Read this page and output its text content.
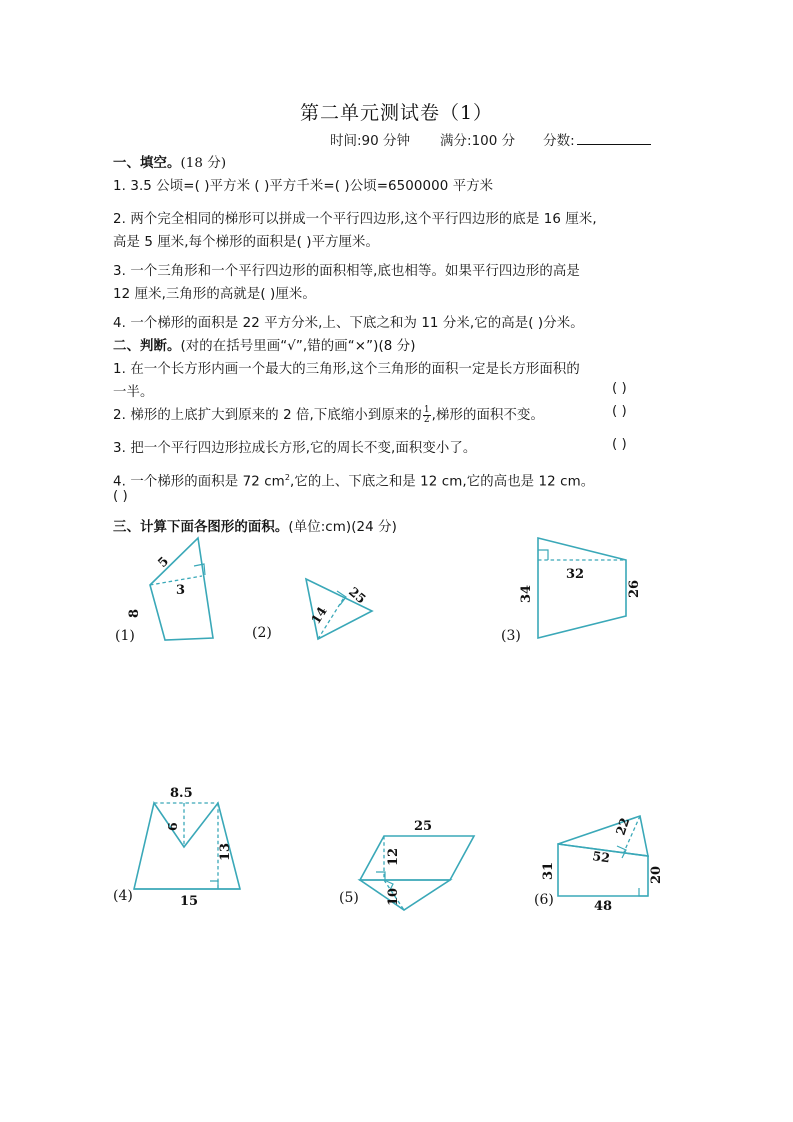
第二单元测试卷（1）
时间:90 分钟 满分:100 分 分数:
一、填空。(18 分)
1. 3.5 公顷=( )平方米 ( )平方千米=( )公顷=6500000 平方米
2. 两个完全相同的梯形可以拼成一个平行四边形,这个平行四边形的底是 16 厘米,
高是 5 厘米,每个梯形的面积是( )平方厘米。
3. 一个三角形和一个平行四边形的面积相等,底也相等。如果平行四边形的高是
12 厘米,三角形的高就是( )厘米。
4. 一个梯形的面积是 22 平方分米,上、下底之和为 11 分米,它的高是( )分米。
二、判断。(对的在括号里画“√”,错的画“×”)(8 分)
1. 在一个长方形内画一个最大的三角形,这个三角形的面积一定是长方形面积的
一半。	( )
2. 梯形的上底扩大到原来的 2 倍,下底缩小到原来的 $\frac{1}{2}$ ,梯形的面积不变。	( )
3. 把一个平行四边形拉成长方形,它的周长不变,面积变小了。	( )
4. 一个梯形的面积是 72 $cm^2$,它的上、下底之和是 12 cm,它的高也是 12 cm。
( )
三、计算下面各图形的面积。(单位:cm)(24 分)
5
3
8
(1)
25
14
(2)
32
34	26
(3)
8.5
6
13
15
(4)
25
12
10
(5)
22
52
31	20
48
(6)
